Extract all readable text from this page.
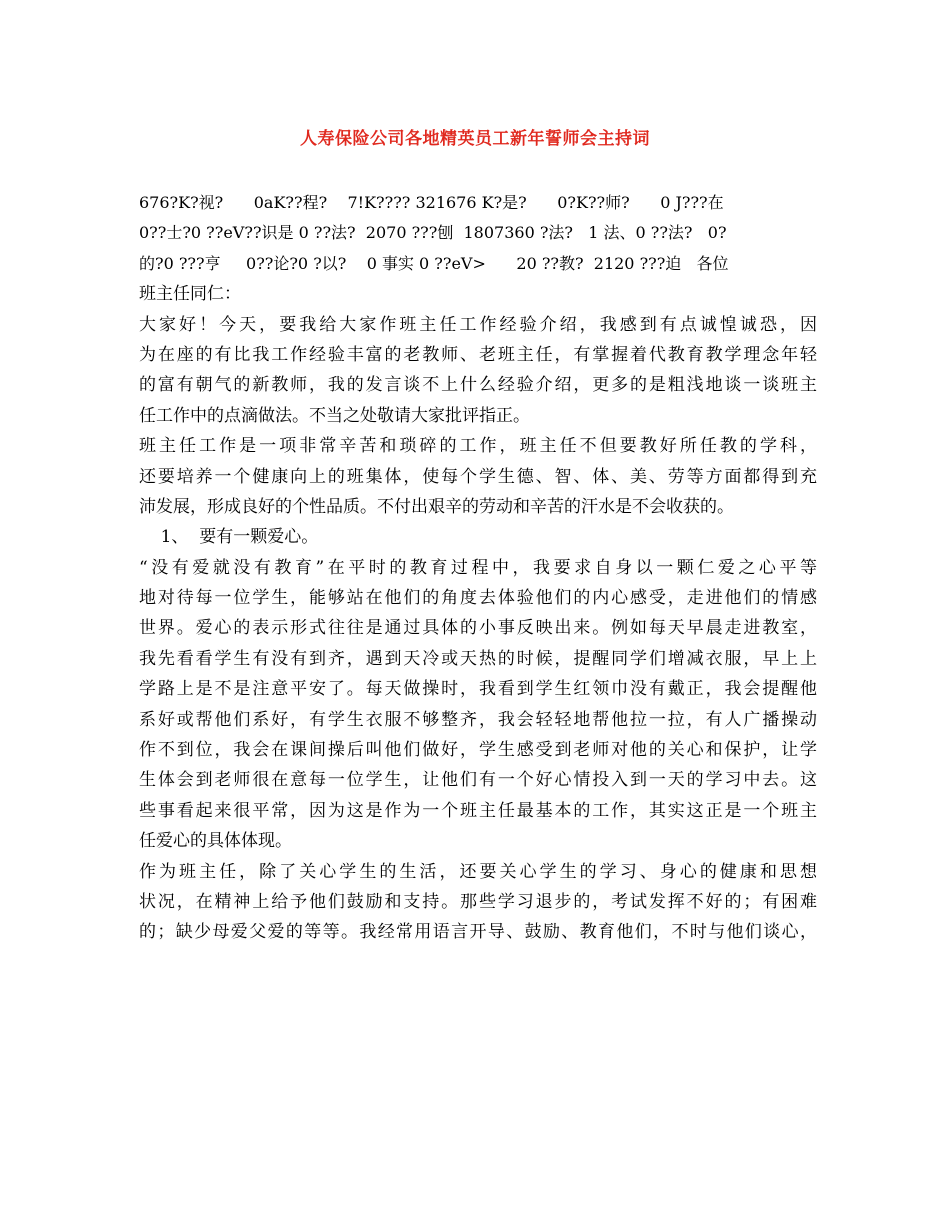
人寿保险公司各地精英员工新年誓师会主持词
676?K?视?      0aK??程?    7!K???? 321676 K?是?      0?K??师?      0 J???在
0??士?0 ??eV??识是 0 ??法?  2070 ???刨  1807360 ?法?   1 法、0 ??法?   0?
的?0 ???亨     0??论?0 ?以?    0 事实 0 ??eV>      20 ??教?  2120 ???迫   各位
班主任同仁：
大家好！今天，要我给大家作班主任工作经验介绍，我感到有点诚惶诚恐，因
为在座的有比我工作经验丰富的老教师、老班主任，有掌握着代教育教学理念年轻
的富有朝气的新教师，我的发言谈不上什么经验介绍，更多的是粗浅地谈一谈班主
任工作中的点滴做法。不当之处敬请大家批评指正。
班主任工作是一项非常辛苦和琐碎的工作，班主任不但要教好所任教的学科，
还要培养一个健康向上的班集体，使每个学生德、智、体、美、劳等方面都得到充
沛发展，形成良好的个性品质。不付出艰辛的劳动和辛苦的汗水是不会收获的。
1、  要有一颗爱心。
“没有爱就没有教育”在平时的教育过程中，我要求自身以一颗仁爱之心平等
地对待每一位学生，能够站在他们的角度去体验他们的内心感受，走进他们的情感
世界。爱心的表示形式往往是通过具体的小事反映出来。例如每天早晨走进教室，
我先看看学生有没有到齐，遇到天冷或天热的时候，提醒同学们增减衣服，早上上
学路上是不是注意平安了。每天做操时，我看到学生红领巾没有戴正，我会提醒他
系好或帮他们系好，有学生衣服不够整齐，我会轻轻地帮他拉一拉，有人广播操动
作不到位，我会在课间操后叫他们做好，学生感受到老师对他的关心和保护，让学
生体会到老师很在意每一位学生，让他们有一个好心情投入到一天的学习中去。这
些事看起来很平常，因为这是作为一个班主任最基本的工作，其实这正是一个班主
任爱心的具体体现。
作为班主任，除了关心学生的生活，还要关心学生的学习、身心的健康和思想
状况，在精神上给予他们鼓励和支持。那些学习退步的，考试发挥不好的；有困难
的；缺少母爱父爱的等等。我经常用语言开导、鼓励、教育他们，不时与他们谈心，
